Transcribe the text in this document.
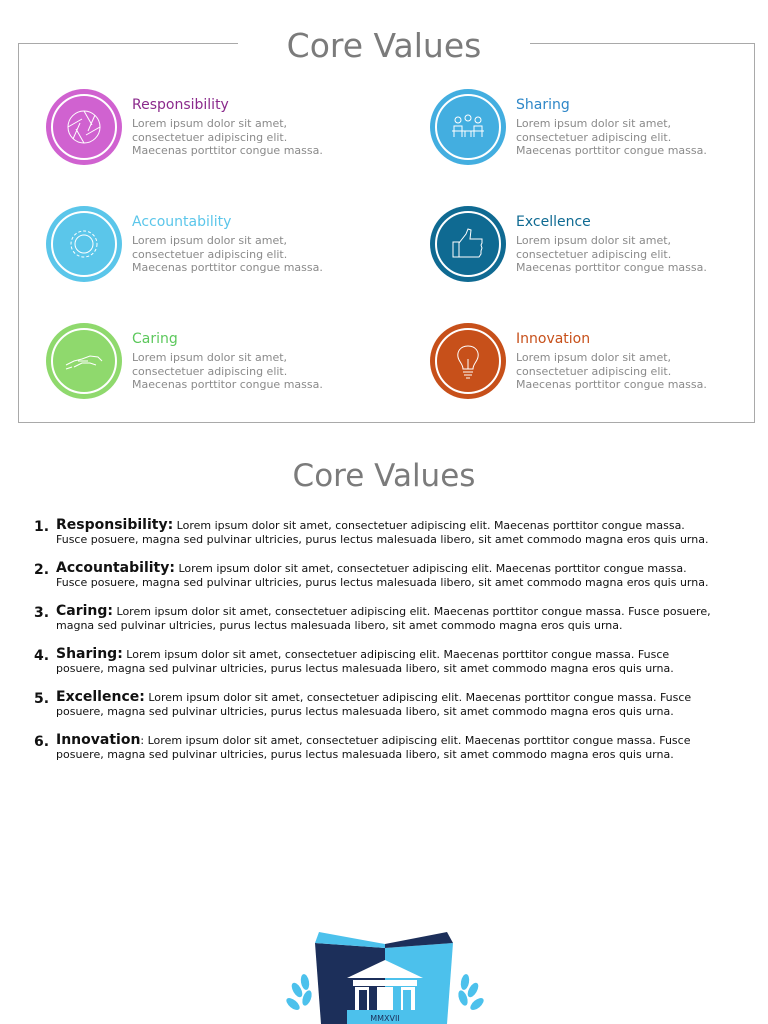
Core Values
Responsibility
Lorem ipsum dolor sit amet,
consectetuer adipiscing elit.
Maecenas porttitor congue massa.
Sharing
Lorem ipsum dolor sit amet,
consectetuer adipiscing elit.
Maecenas porttitor congue massa.
Accountability
Lorem ipsum dolor sit amet,
consectetuer adipiscing elit.
Maecenas porttitor congue massa.
Excellence
Lorem ipsum dolor sit amet,
consectetuer adipiscing elit.
Maecenas porttitor congue massa.
Caring
Lorem ipsum dolor sit amet,
consectetuer adipiscing elit.
Maecenas porttitor congue massa.
Innovation
Lorem ipsum dolor sit amet,
consectetuer adipiscing elit.
Maecenas porttitor congue massa.
Core Values
1. Responsibility: Lorem ipsum dolor sit amet, consectetuer adipiscing elit. Maecenas porttitor congue massa. Fusce posuere, magna sed pulvinar ultricies, purus lectus malesuada libero, sit amet commodo magna eros quis urna.
2. Accountability: Lorem ipsum dolor sit amet, consectetuer adipiscing elit. Maecenas porttitor congue massa. Fusce posuere, magna sed pulvinar ultricies, purus lectus malesuada libero, sit amet commodo magna eros quis urna.
3. Caring: Lorem ipsum dolor sit amet, consectetuer adipiscing elit. Maecenas porttitor congue massa. Fusce posuere, magna sed pulvinar ultricies, purus lectus malesuada libero, sit amet commodo magna eros quis urna.
4. Sharing: Lorem ipsum dolor sit amet, consectetuer adipiscing elit. Maecenas porttitor congue massa. Fusce posuere, magna sed pulvinar ultricies, purus lectus malesuada libero, sit amet commodo magna eros quis urna.
5. Excellence: Lorem ipsum dolor sit amet, consectetuer adipiscing elit. Maecenas porttitor congue massa. Fusce posuere, magna sed pulvinar ultricies, purus lectus malesuada libero, sit amet commodo magna eros quis urna.
6. Innovation: Lorem ipsum dolor sit amet, consectetuer adipiscing elit. Maecenas porttitor congue massa. Fusce posuere, magna sed pulvinar ultricies, purus lectus malesuada libero, sit amet commodo magna eros quis urna.
MMXVII
